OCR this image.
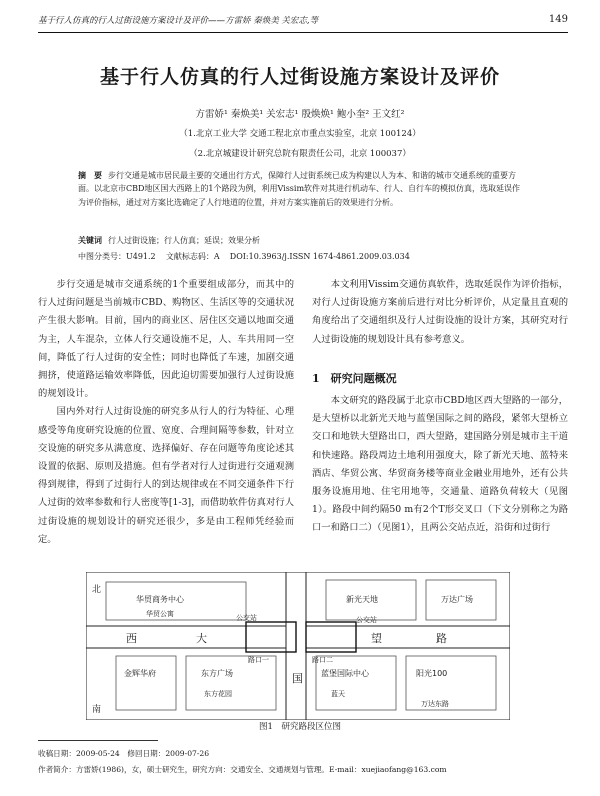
基于行人仿真的行人过街设施方案设计及评价——方雷娇 秦焕美 关宏志,等	149
基于行人仿真的行人过街设施方案设计及评价
方雷娇¹ 秦焕美¹ 关宏志¹ 殷焕焕¹ 鲍小奎² 王文红²
（1.北京工业大学 交通工程北京市重点实验室，北京 100124）
（2.北京城建设计研究总院有限责任公司，北京 100037）
摘　要 步行交通是城市居民最主要的交通出行方式，保障行人过街系统已成为构建以人为本、和谐的城市交通系统的重要方面。以北京市CBD地区国大西路上的1个路段为例，利用Vissim软件对其进行机动车、行人、自行车的模拟仿真，选取延误作为评价指标，通过对方案比选确定了人行地道的位置，并对方案实施前后的效果进行分析。
关键词 行人过街设施；行人仿真；延误；效果分析
中图分类号：U491.2 文献标志码：A DOI:10.3963/j.ISSN 1674-4861.2009.03.034

步行交通是城市交通系统的1个重要组成部分，而其中的行人过街问题是当前城市CBD、购物区、生活区等的交通状况产生很大影响。目前，国内的商业区、居住区交通以地面交通为主，人车混杂，立体人行交通设施不足，人、车共用同一空间，降低了行人过街的安全性；同时也降低了车速，加剧交通拥挤，使道路运输效率降低，因此迫切需要加强行人过街设施的规划设计。

国内外对行人过街设施的研究多从行人的行为特征、心理感受等角度研究设施的位置、宽度、合理间隔等参数，针对立交设施的研究多从满意度、选择偏好、存在问题等角度论述其设置的依据、原则及措施。但有学者对行人过街进行交通观测得到规律，得到了过街行人的到达规律或在不同交通条件下行人过街的效率参数和行人密度等[1-3]，而借助软件仿真对行人过街设施的规划设计的研究还很少，多是由工程师凭经验而定。

本文利用Vissim交通仿真软件，选取延误作为评价指标，对行人过街设施方案前后进行对比分析评价，从定量且直观的角度给出了交通组织及行人过街设施的设计方案，其研究对行人过街设施的规划设计具有参考意义。

1　研究问题概况

本文研究的路段属于北京市CBD地区西大望路的一部分，是大望桥以北新光天地与蓝堡国际之间的路段，紧邻大望桥立交口和地铁大望路出口，西大望路，建国路分别是城市主干道和快速路。路段周边土地利用强度大，除了新光天地、蓝特来酒店、华贸公寓、华贸商务楼等商业金融业用地外，还有公共服务设施用地、住宅用地等，交通量、道路负荷较大（见图1）。路段中间约隔50 m有2个T形交叉口（下文分别称之为路口一和路口二）（见图1），且两公交站点近，沿街和过街行

北
华贸商务中心
华贸公寓
新光天地	万达广场
公交站
西	大	望	路
国
路口一	路口二
公交站
金辉华府	东方广场
东方花园
蓝堡国际中心
蓝天
阳光100
万达东路
南
图1　研究路段区位图
收稿日期：2009-05-24　修回日期：2009-07-26
作者简介：方雷娇(1986)，女，硕士研究生，研究方向：交通安全、交通规划与管理。E-mail：xuejiaofang@163.com
